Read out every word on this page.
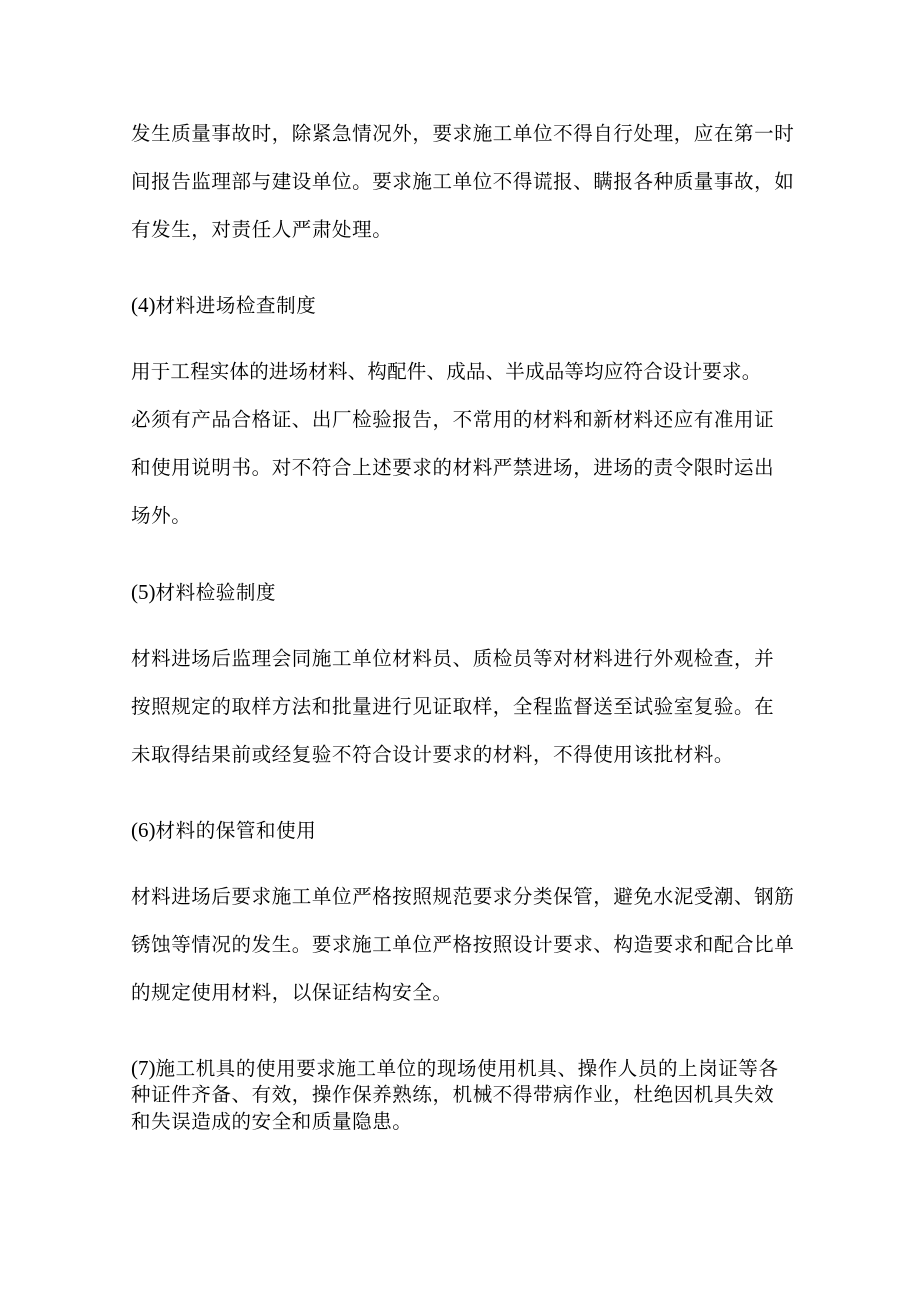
发生质量事故时，除紧急情况外，要求施工单位不得自行处理，应在第一时
间报告监理部与建设单位。要求施工单位不得谎报、瞒报各种质量事故，如
有发生，对责任人严肃处理。
(4)材料进场检查制度
用于工程实体的进场材料、构配件、成品、半成品等均应符合设计要求。
必须有产品合格证、出厂检验报告，不常用的材料和新材料还应有准用证
和使用说明书。对不符合上述要求的材料严禁进场，进场的责令限时运出
场外。
(5)材料检验制度
材料进场后监理会同施工单位材料员、质检员等对材料进行外观检查，并
按照规定的取样方法和批量进行见证取样，全程监督送至试验室复验。在
未取得结果前或经复验不符合设计要求的材料，不得使用该批材料。
(6)材料的保管和使用
材料进场后要求施工单位严格按照规范要求分类保管，避免水泥受潮、钢筋
锈蚀等情况的发生。要求施工单位严格按照设计要求、构造要求和配合比单
的规定使用材料，以保证结构安全。
(7)施工机具的使用要求施工单位的现场使用机具、操作人员的上岗证等各
种证件齐备、有效，操作保养熟练，机械不得带病作业，杜绝因机具失效
和失误造成的安全和质量隐患。
